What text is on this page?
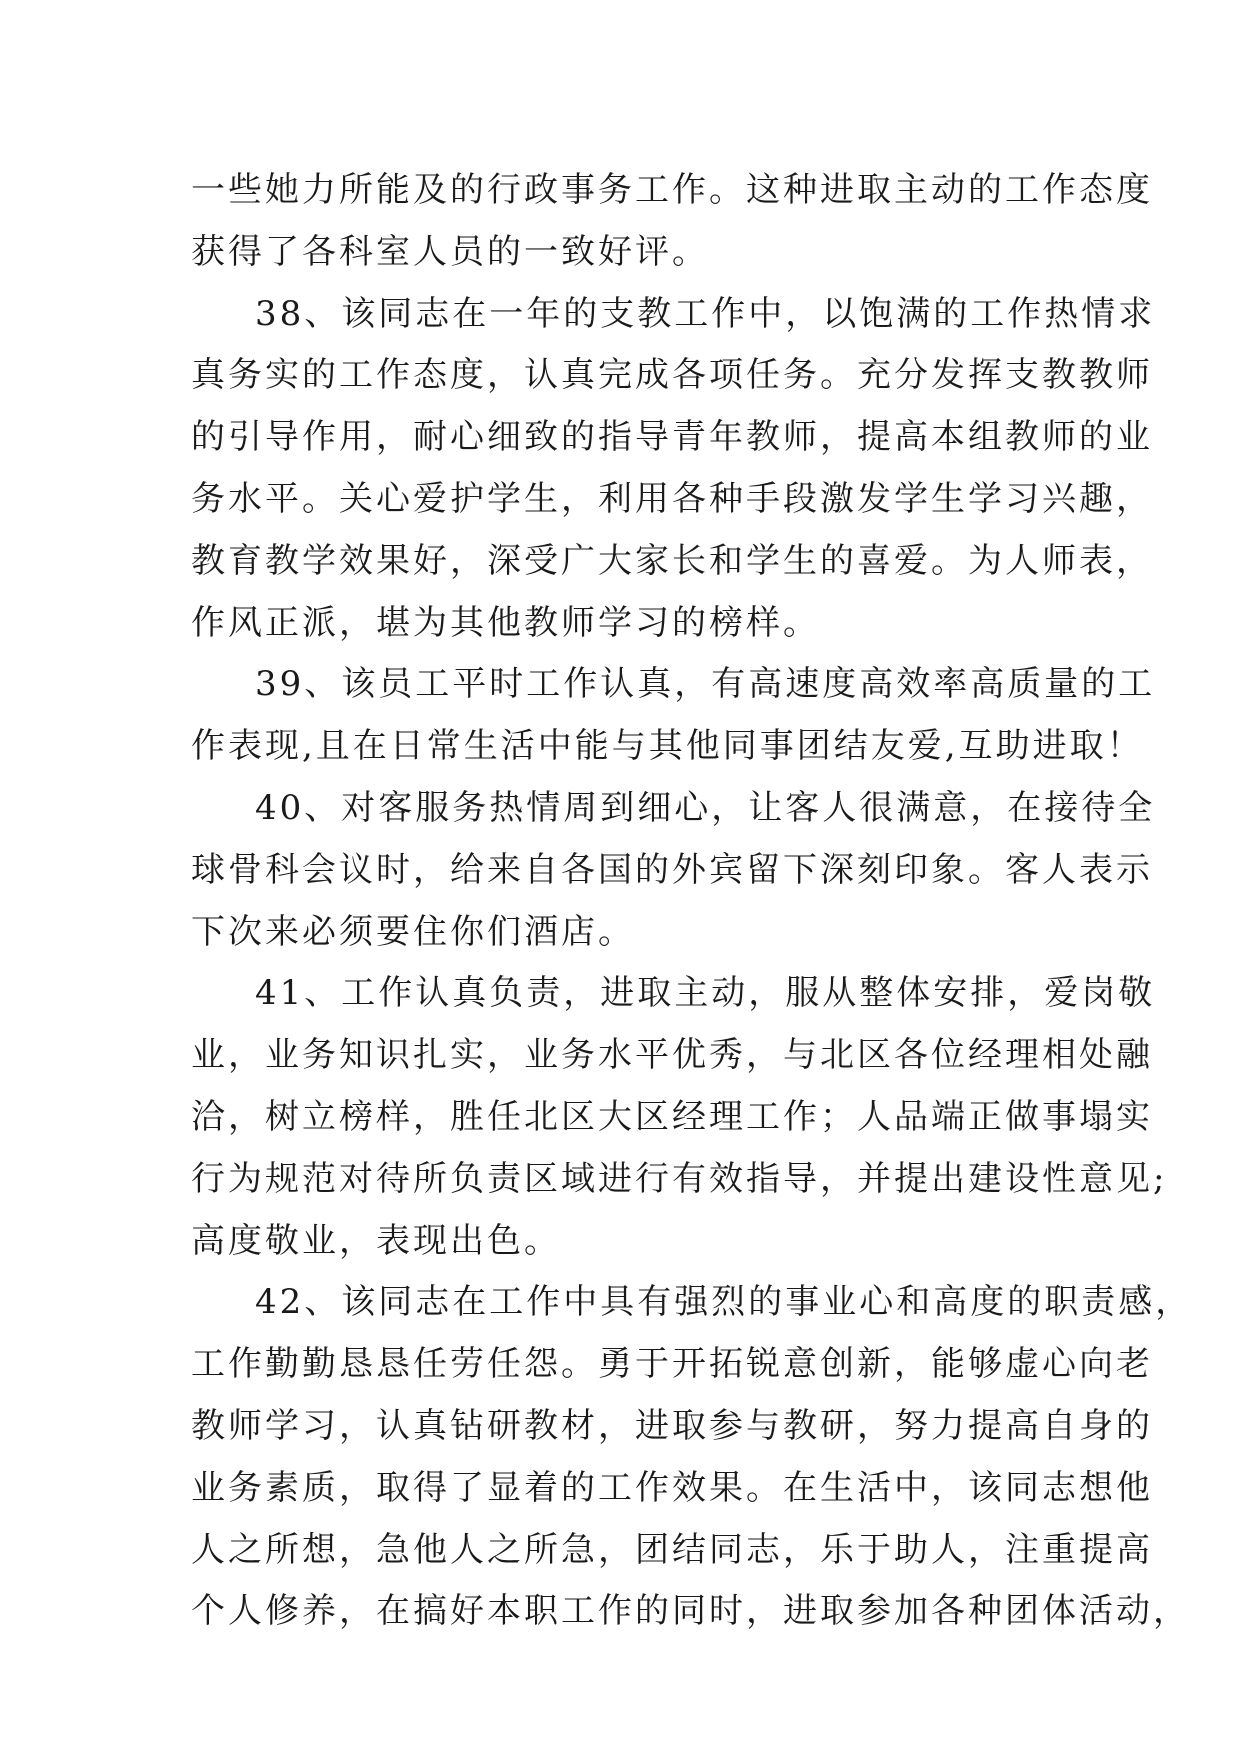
一些她力所能及的行政事务工作。这种进取主动的工作态度
获得了各科室人员的一致好评。
38、该同志在一年的支教工作中，以饱满的工作热情求
真务实的工作态度，认真完成各项任务。充分发挥支教教师
的引导作用，耐心细致的指导青年教师，提高本组教师的业
务水平。关心爱护学生，利用各种手段激发学生学习兴趣，
教育教学效果好，深受广大家长和学生的喜爱。为人师表，
作风正派，堪为其他教师学习的榜样。
39、该员工平时工作认真，有高速度高效率高质量的工
作表现,且在日常生活中能与其他同事团结友爱,互助进取！
40、对客服务热情周到细心，让客人很满意，在接待全
球骨科会议时，给来自各国的外宾留下深刻印象。客人表示
下次来必须要住你们酒店。
41、工作认真负责，进取主动，服从整体安排，爱岗敬
业，业务知识扎实，业务水平优秀，与北区各位经理相处融
洽，树立榜样，胜任北区大区经理工作；人品端正做事塌实
行为规范对待所负责区域进行有效指导，并提出建设性意见;
高度敬业，表现出色。
42、该同志在工作中具有强烈的事业心和高度的职责感，
工作勤勤恳恳任劳任怨。勇于开拓锐意创新，能够虚心向老
教师学习，认真钻研教材，进取参与教研，努力提高自身的
业务素质，取得了显着的工作效果。在生活中，该同志想他
人之所想，急他人之所急，团结同志，乐于助人，注重提高
个人修养，在搞好本职工作的同时，进取参加各种团体活动，
